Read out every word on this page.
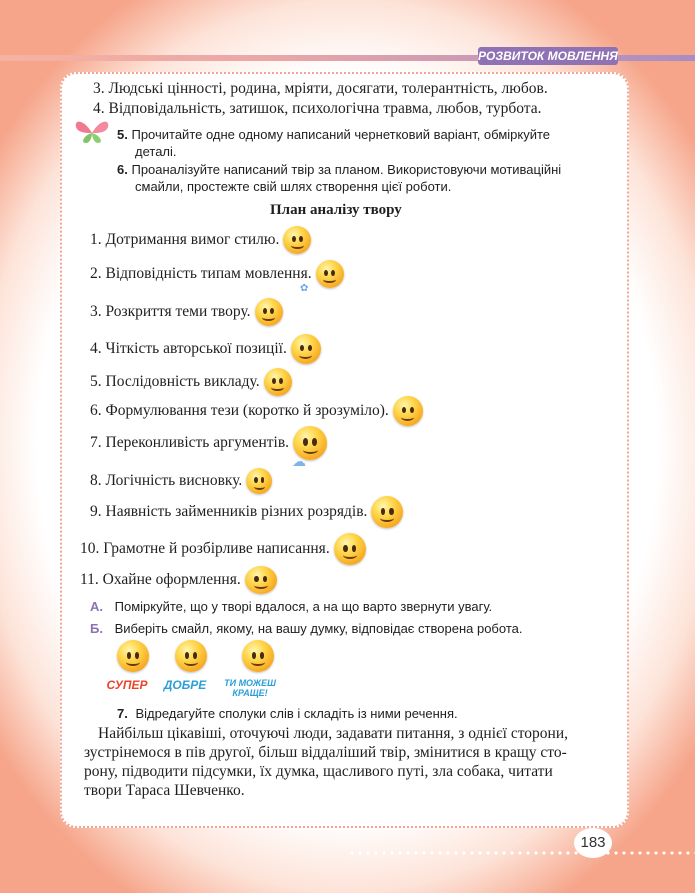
РОЗВИТОК МОВЛЕННЯ
3. Людські цінності, родина, мріяти, досягати, толерантність, любов.
4. Відповідальність, затишок, психологічна травма, любов, турбота.
5. Прочитайте одне одному написаний чернетковий варіант, обміркуйте
деталі.
6. Проаналізуйте написаний твір за планом. Використовуючи мотиваційні
смайли, простежте свій шлях створення цієї роботи.
План аналізу твору
1. Дотримання вимог стилю.
2. Відповідність типам мовлення.
3. Розкриття теми твору.
✿
4. Чіткість авторської позиції.
5. Послідовність викладу.
6. Формулювання тези (коротко й зрозуміло).
7. Переконливість аргументів.
☁
8. Логічність висновку.
9. Наявність займенників різних розрядів.
10. Грамотне й розбірливе написання.
11. Охайне оформлення.
А. Поміркуйте, що у творі вдалося, а на що варто звернути увагу.
Б. Виберіть смайл, якому, на вашу думку, відповідає створена робота.
СУПЕР	ДОБРЕ	ТИ МОЖЕШ
КРАЩЕ!
7. Відредагуйте сполуки слів і складіть із ними речення.
Найбільш цікавіші, оточуючі люди, задавати питання, з однієї сторони,
зустрінемося в пів другої, більш віддаліший твір, змінитися в кращу сто-
рону, підводити підсумки, їх думка, щасливого путі, зла собака, читати
твори Тараса Шевченко.
183
